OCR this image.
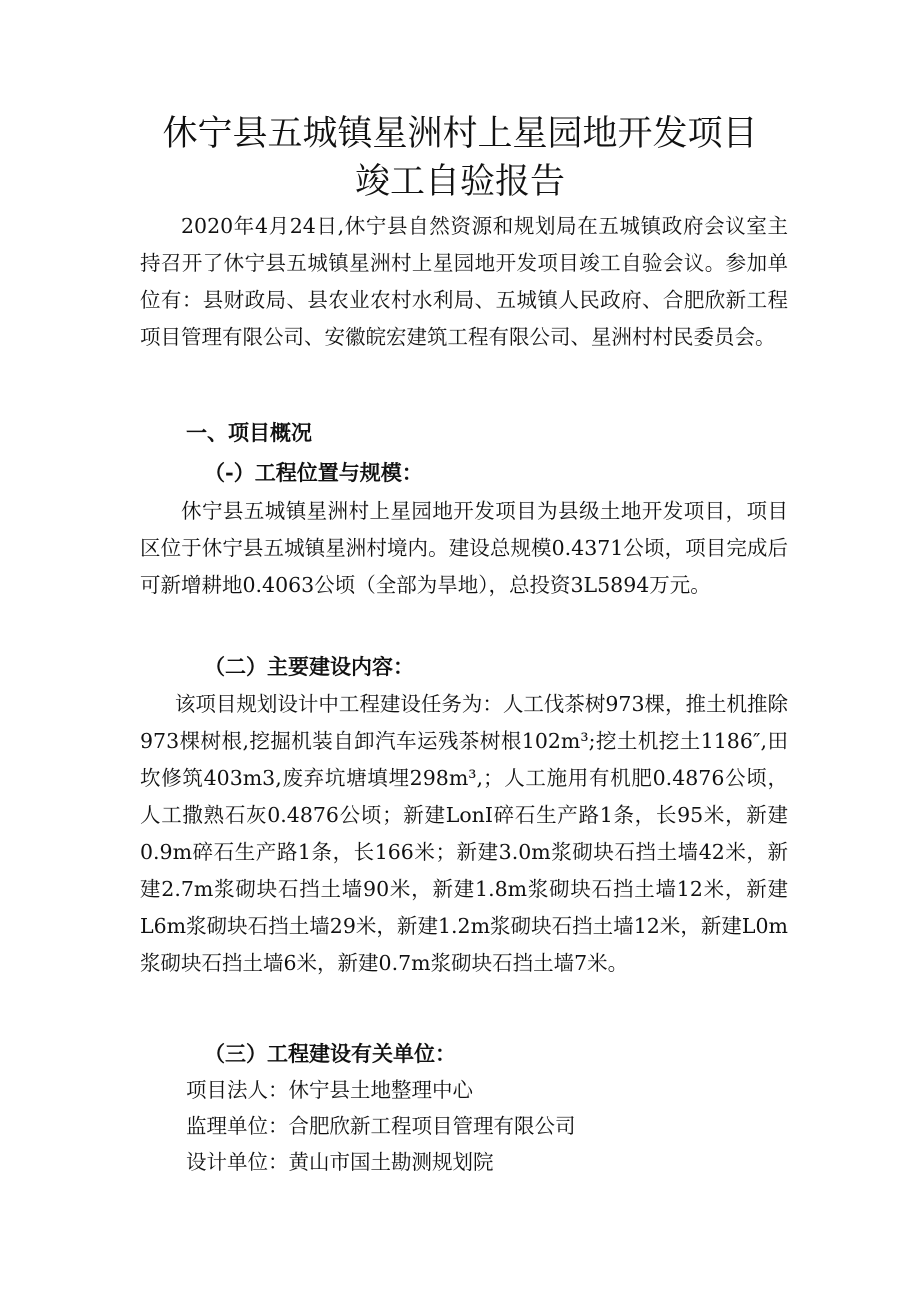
休宁县五城镇星洲村上星园地开发项目
竣工自验报告

2020年4月24日,休宁县自然资源和规划局在五城镇政府会议室主持召开了休宁县五城镇星洲村上星园地开发项目竣工自验会议。参加单位有：县财政局、县农业农村水利局、五城镇人民政府、合肥欣新工程项目管理有限公司、安徽皖宏建筑工程有限公司、星洲村村民委员会。

一、项目概况
（-）工程位置与规模：

休宁县五城镇星洲村上星园地开发项目为县级土地开发项目，项目区位于休宁县五城镇星洲村境内。建设总规模0.4371公顷，项目完成后可新增耕地0.4063公顷（全部为旱地），总投资3L5894万元。

（二）主要建设内容：

该项目规划设计中工程建设任务为：人工伐茶树973棵，推土机推除973棵树根,挖掘机装自卸汽车运残茶树根102m³;挖土机挖土1186″,田坎修筑403m3,废弃坑塘填埋298m³,；人工施用有机肥0.4876公顷，人工撒熟石灰0.4876公顷；新建LonI碎石生产路1条，长95米，新建0.9m碎石生产路1条，长166米；新建3.0m浆砌块石挡土墙42米，新建2.7m浆砌块石挡土墙90米，新建1.8m浆砌块石挡土墙12米，新建L6m浆砌块石挡土墙29米，新建1.2m浆砌块石挡土墙12米，新建L0m浆砌块石挡土墙6米，新建0.7m浆砌块石挡土墙7米。

（三）工程建设有关单位：
项目法人：休宁县土地整理中心
监理单位：合肥欣新工程项目管理有限公司
设计单位：黄山市国土勘测规划院
